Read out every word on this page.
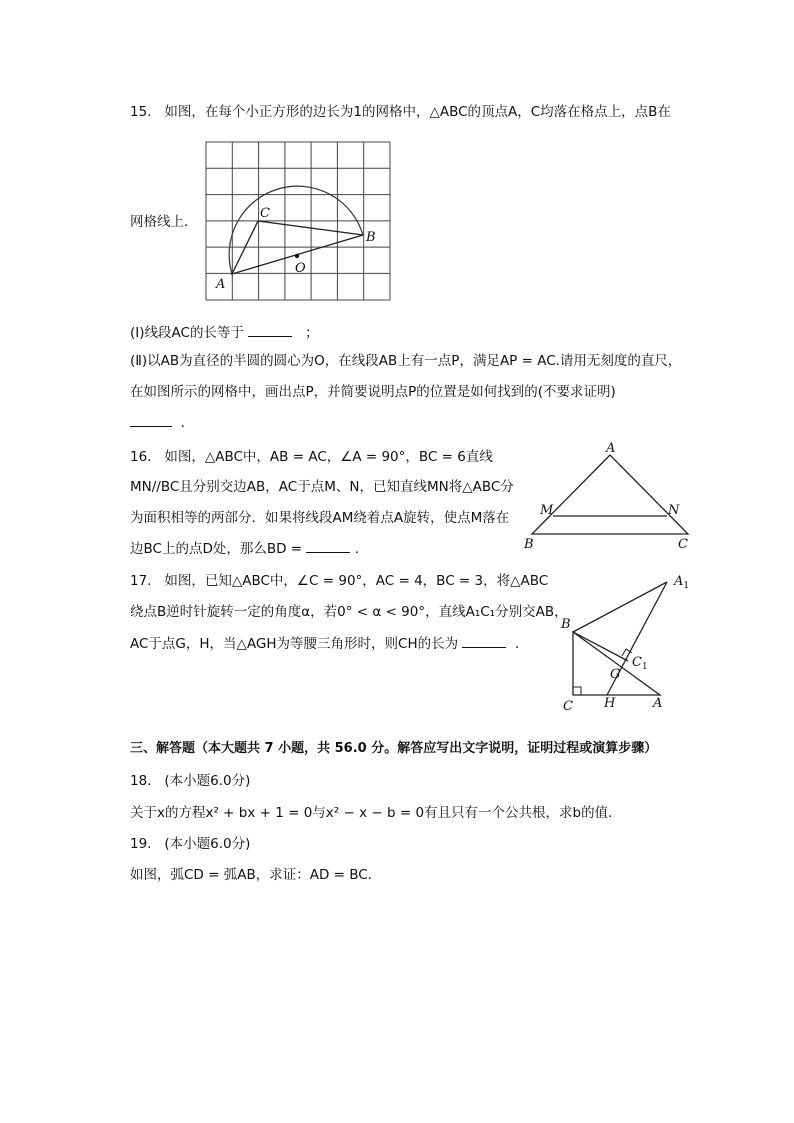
15. 如图，在每个小正方形的边长为1的网格中，△ABC的顶点A，C均落在格点上，点B在
A
B
C
O
网格线上．
(Ⅰ)线段AC的长等于	；
(Ⅱ)以AB为直径的半圆的圆心为O，在线段AB上有一点P，满足AP = AC.请用无刻度的直尺，
在如图所示的网格中，画出点P，并简要说明点P的位置是如何找到的(不要求证明)
．
16. 如图，△ABC中，AB = AC，∠A = 90°，BC = 6直线
MN//BC且分别交边AB，AC于点M、N，已知直线MN将△ABC分
为面积相等的两部分．如果将线段AM绕着点A旋转，使点M落在
边BC上的点D处，那么BD =	．
A
B	C
M	N
17. 如图，已知△ABC中，∠C = 90°，AC = 4，BC = 3，将△ABC
绕点B逆时针旋转一定的角度α，若0° < α < 90°，直线A₁C₁分别交AB，
AC于点G，H，当△AGH为等腰三角形时，则CH的长为	．
B
C	A
H
G
$A_1$
$C_1$
三、解答题（本大题共 7 小题，共 56.0 分。解答应写出文字说明，证明过程或演算步骤）
18. (本小题6.0分)
关于x的方程x² + bx + 1 = 0与x² − x − b = 0有且只有一个公共根，求b的值．
19. (本小题6.0分)
如图，弧CD = 弧AB，求证：AD = BC．
